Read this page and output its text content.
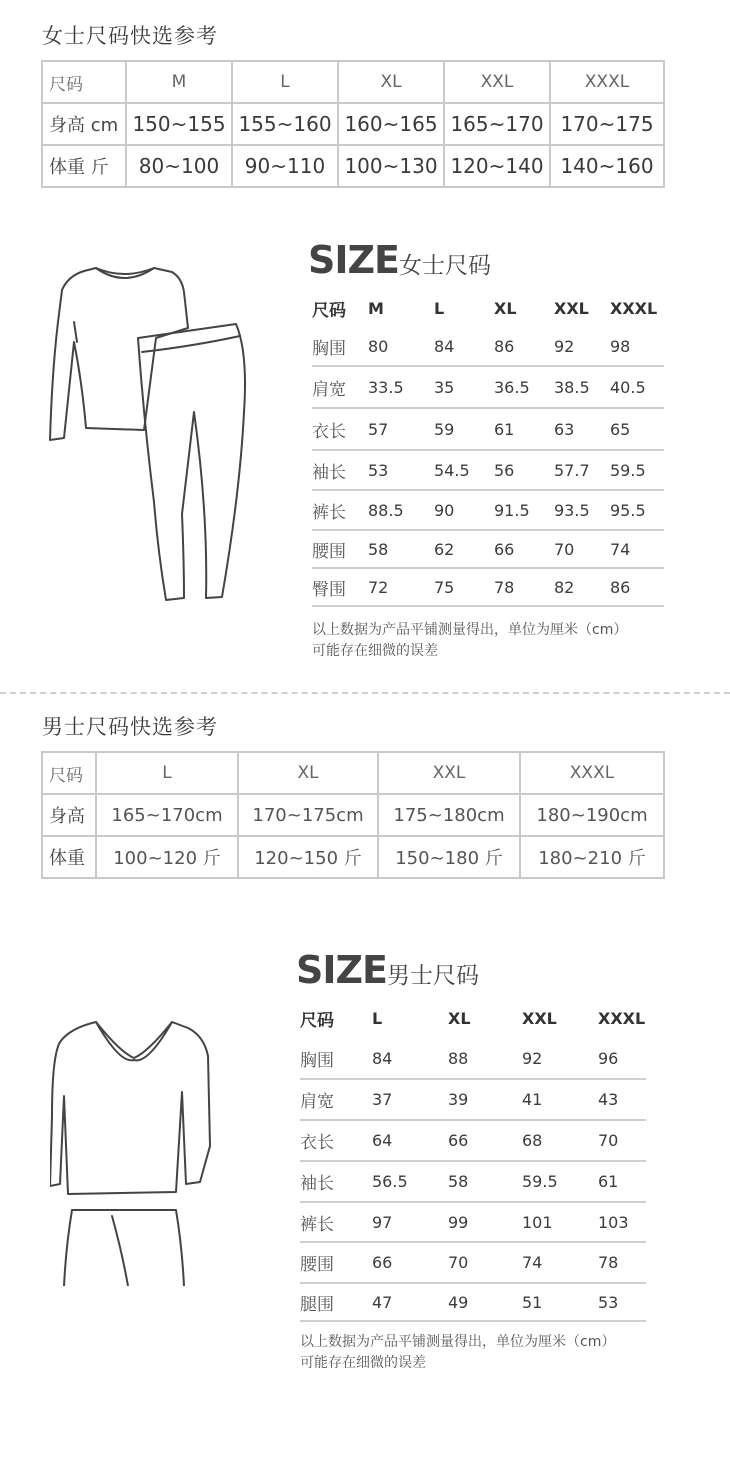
女士尺码快选参考
尺码	M	L	XL	XXL	XXXL
身高 cm	150~155	155~160	160~165	165~170	170~175
体重 斤	80~100	90~110	100~130	120~140	140~160
SIZE女士尺码
尺码	M	L	XL	XXL	XXXL
胸围	80	84	86	92	98
肩宽	33.5	35	36.5	38.5	40.5
衣长	57	59	61	63	65
袖长	53	54.5	56	57.7	59.5
裤长	88.5	90	91.5	93.5	95.5
腰围	58	62	66	70	74
臀围	72	75	78	82	86
以上数据为产品平铺测量得出，单位为厘米（cm）
可能存在细微的误差
男士尺码快选参考
尺码	L	XL	XXL	XXXL
身高	165~170cm	170~175cm	175~180cm	180~190cm
体重	100~120 斤	120~150 斤	150~180 斤	180~210 斤
SIZE男士尺码
尺码	L	XL	XXL	XXXL
胸围	84	88	92	96
肩宽	37	39	41	43
衣长	64	66	68	70
袖长	56.5	58	59.5	61
裤长	97	99	101	103
腰围	66	70	74	78
腿围	47	49	51	53
以上数据为产品平铺测量得出，单位为厘米（cm）
可能存在细微的误差
